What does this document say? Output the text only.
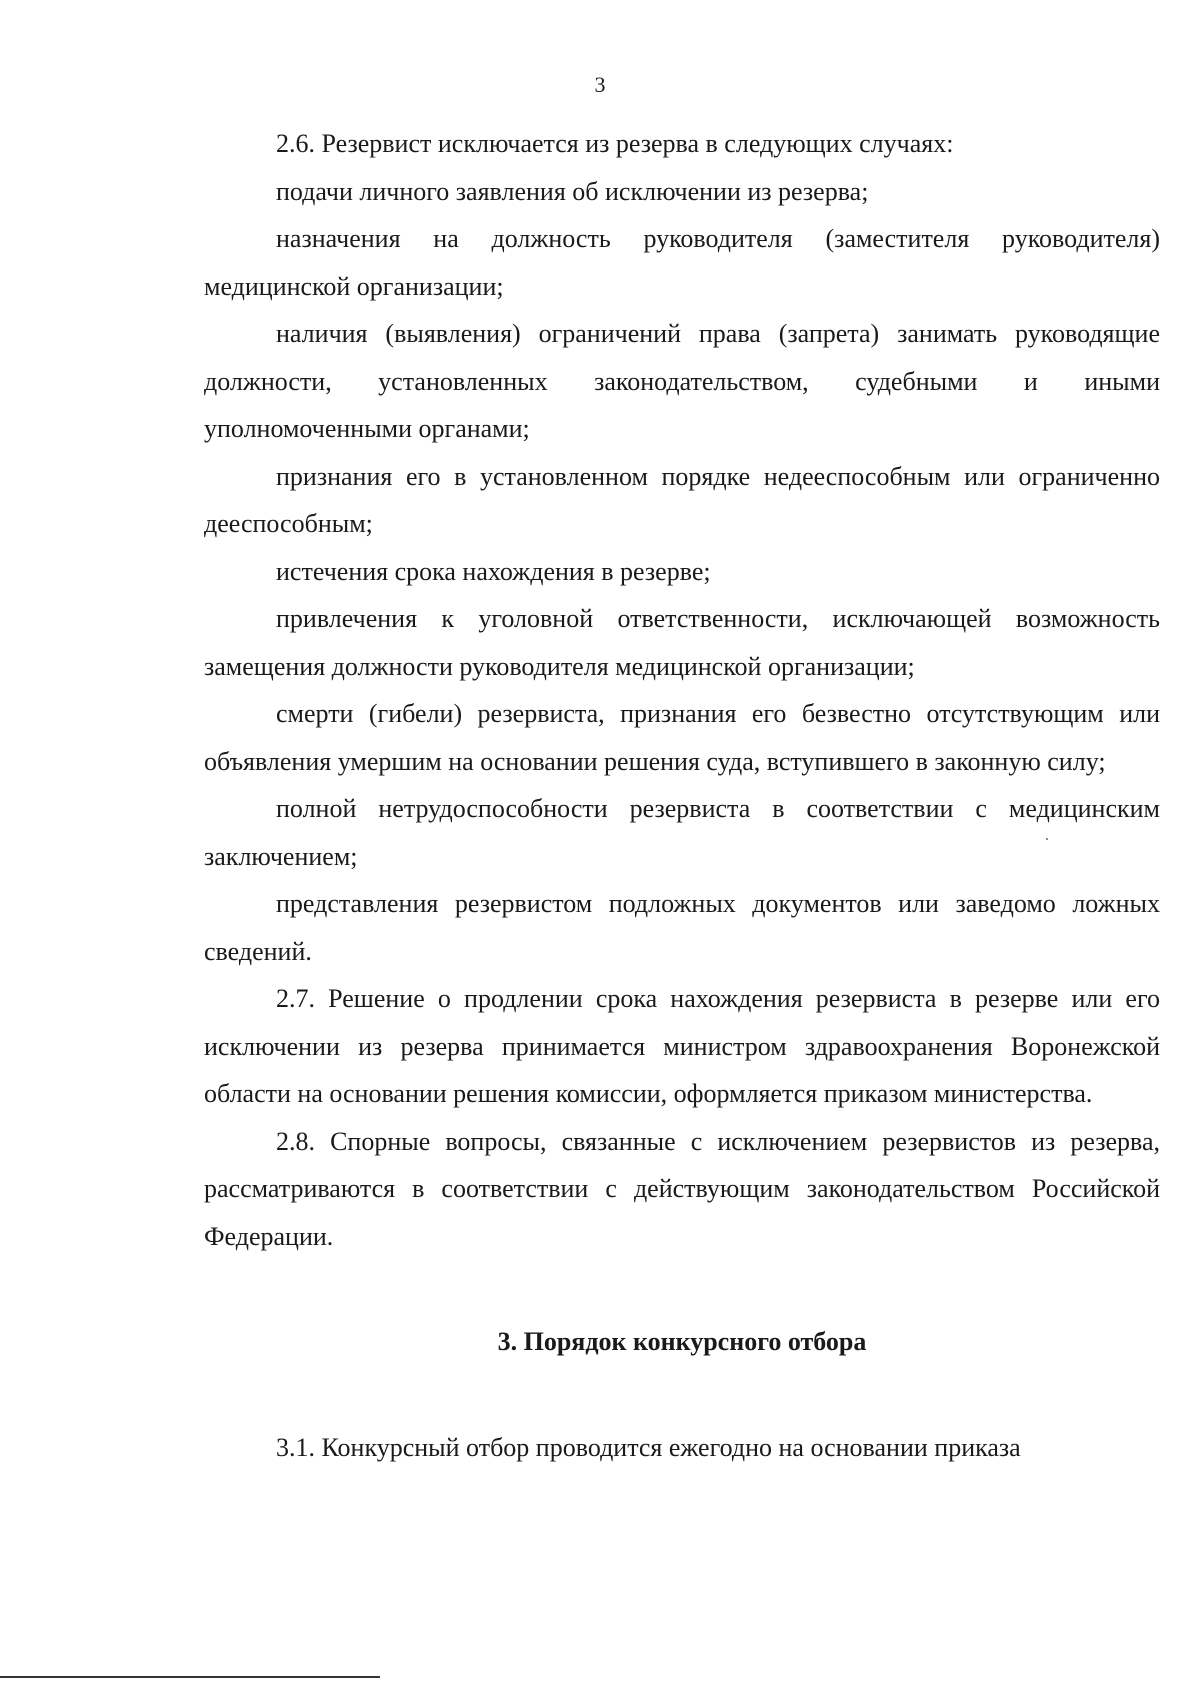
3

2.6. Резервист исключается из резерва в следующих случаях:

подачи личного заявления об исключении из резерва;

назначения на должность руководителя (заместителя руководителя) медицинской организации;

наличия (выявления) ограничений права (запрета) занимать руководящие должности, установленных законодательством, судебными и иными уполномоченными органами;

признания его в установленном порядке недееспособным или ограниченно дееспособным;

истечения срока нахождения в резерве;

привлечения к уголовной ответственности, исключающей возможность замещения должности руководителя медицинской организации;

смерти (гибели) резервиста, признания его безвестно отсутствующим или объявления умершим на основании решения суда, вступившего в законную силу;

полной нетрудоспособности резервиста в соответствии с медицинским заключением;

представления резервистом подложных документов или заведомо ложных сведений.

2.7. Решение о продлении срока нахождения резервиста в резерве или его исключении из резерва принимается министром здравоохранения Воронежской области на основании решения комиссии, оформляется приказом министерства.

2.8. Спорные вопросы, связанные с исключением резервистов из резерва, рассматриваются в соответствии с действующим законодательством Российской Федерации.

3. Порядок конкурсного отбора

3.1. Конкурсный отбор проводится ежегодно на основании приказа
